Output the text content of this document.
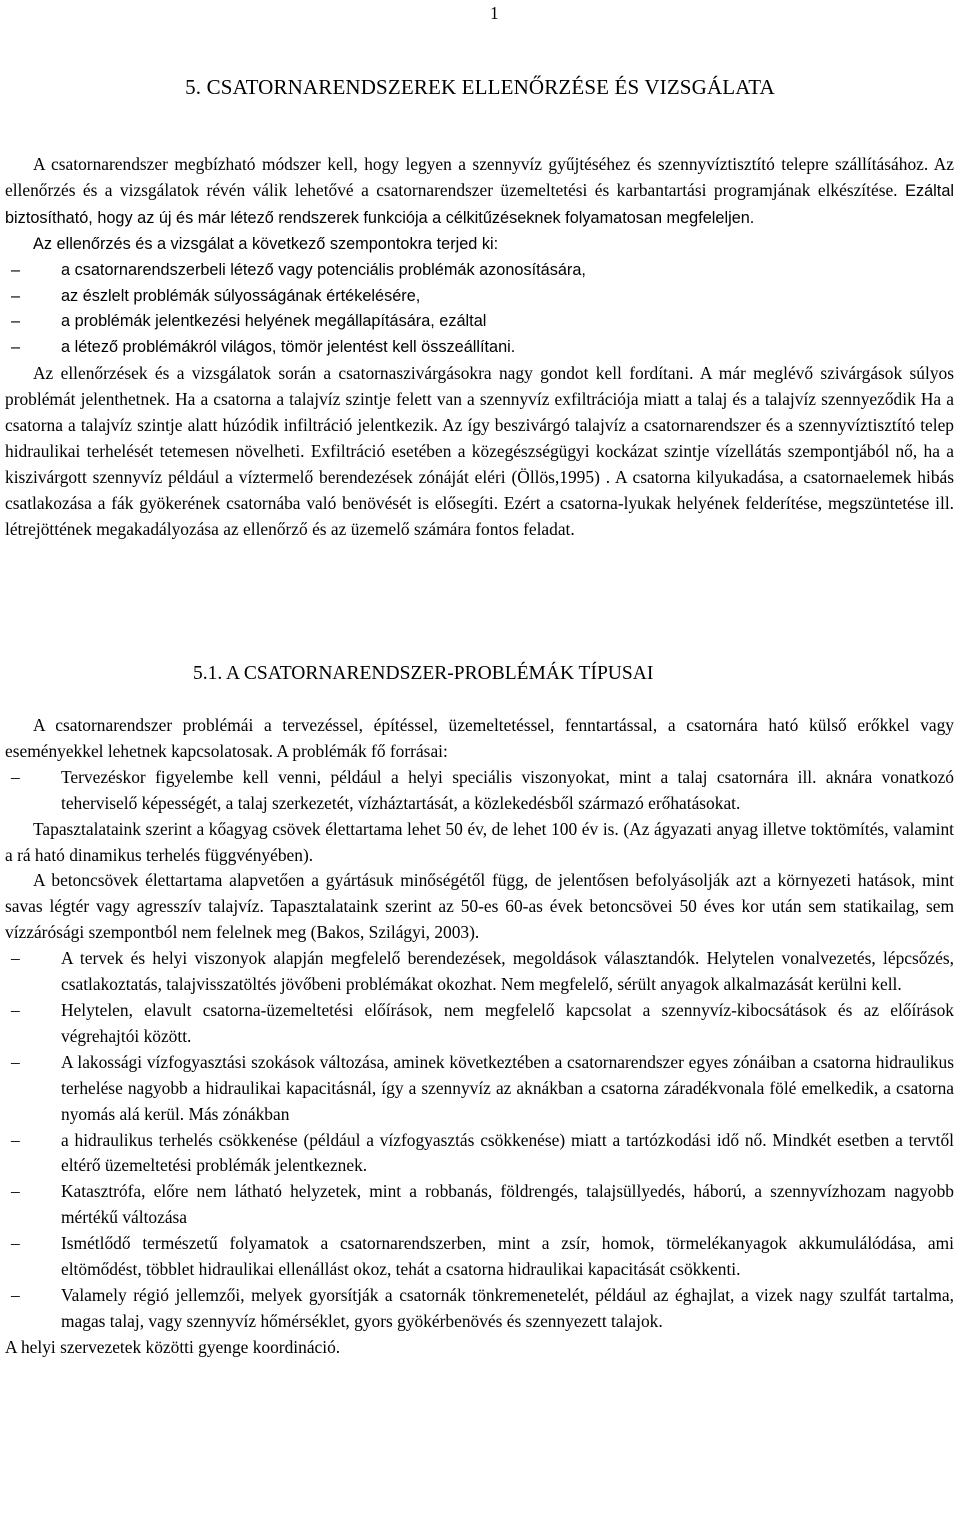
1
5. CSATORNARENDSZEREK ELLENŐRZÉSE ÉS VIZSGÁLATA

A csatornarendszer megbízható módszer kell, hogy legyen a szennyvíz gyűjtéséhez és szennyvíztisztító telepre szállításához. Az ellenőrzés és a vizsgálatok révén válik lehetővé a csatornarendszer üzemeltetési és karbantartási programjának elkészítése. Ezáltal biztosítható, hogy az új és már létező rendszerek funkciója a célkitűzéseknek folyamatosan megfeleljen.

Az ellenőrzés és a vizsgálat a következő szempontokra terjed ki:

–	a csatornarendszerbeli létező vagy potenciális problémák azonosítására,
–	az észlelt problémák súlyosságának értékelésére,
–	a problémák jelentkezési helyének megállapítására, ezáltal
–	a létező problémákról világos, tömör jelentést kell összeállítani.

Az ellenőrzések és a vizsgálatok során a csatornaszivárgásokra nagy gondot kell fordítani. A már meglévő szivárgások súlyos problémát jelenthetnek. Ha a csatorna a talajvíz szintje felett van a szennyvíz exfiltrációja miatt a talaj és a talajvíz szennyeződik Ha a csatorna a talajvíz szintje alatt húzódik infiltráció jelentkezik. Az így beszivárgó talajvíz a csatornarendszer és a szennyvíztisztító telep hidraulikai terhelését tetemesen növelheti. Exfiltráció esetében a közegészségügyi kockázat szintje vízellátás szempontjából nő, ha a kiszivárgott szennyvíz például a víztermelő berendezések zónáját eléri (Öllös,1995) . A csatorna kilyukadása, a csatornaelemek hibás csatlakozása a fák gyökerének csatornába való benövését is elősegíti. Ezért a csatorna-lyukak helyének felderítése, megszüntetése ill. létrejöttének megakadályozása az ellenőrző és az üzemelő számára fontos feladat.

5.1. A CSATORNARENDSZER-PROBLÉMÁK TÍPUSAI

A csatornarendszer problémái a tervezéssel, építéssel, üzemeltetéssel, fenntartással, a csatornára ható külső erőkkel vagy eseményekkel lehetnek kapcsolatosak. A problémák fő forrásai:

– Tervezéskor figyelembe kell venni, például a helyi speciális viszonyokat, mint a talaj csatornára ill. aknára vonatkozó teherviselő képességét, a talaj szerkezetét, vízháztartását, a közlekedésből származó erőhatásokat.

Tapasztalataink szerint a kőagyag csövek élettartama lehet 50 év, de lehet 100 év is. (Az ágyazati anyag illetve toktömítés, valamint a rá ható dinamikus terhelés függvényében).

A betoncsövek élettartama alapvetően a gyártásuk minőségétől függ, de jelentősen befolyásolják azt a környezeti hatások, mint savas légtér vagy agresszív talajvíz. Tapasztalataink szerint az 50-es 60-as évek betoncsövei 50 éves kor után sem statikailag, sem vízzárósági szempontból nem felelnek meg (Bakos, Szilágyi, 2003).

– A tervek és helyi viszonyok alapján megfelelő berendezések, megoldások választandók. Helytelen vonalvezetés, lépcsőzés, csatlakoztatás, talajvisszatöltés jövőbeni problémákat okozhat. Nem megfelelő, sérült anyagok alkalmazását kerülni kell.
– Helytelen, elavult csatorna-üzemeltetési előírások, nem megfelelő kapcsolat a szennyvíz-kibocsátások és az előírások végrehajtói között.
– A lakossági vízfogyasztási szokások változása, aminek következtében a csatornarendszer egyes zónáiban a csatorna hidraulikus terhelése nagyobb a hidraulikai kapacitásnál, így a szennyvíz az aknákban a csatorna záradékvonala fölé emelkedik, a csatorna nyomás alá kerül. Más zónákban
– a hidraulikus terhelés csökkenése (például a vízfogyasztás csökkenése) miatt a tartózkodási idő nő. Mindkét esetben a tervtől eltérő üzemeltetési problémák jelentkeznek.
– Katasztrófa, előre nem látható helyzetek, mint a robbanás, földrengés, talajsüllyedés, háború, a szennyvízhozam nagyobb mértékű változása
– Ismétlődő természetű folyamatok a csatornarendszerben, mint a zsír, homok, törmelékanyagok akkumulálódása, ami eltömődést, többlet hidraulikai ellenállást okoz, tehát a csatorna hidraulikai kapacitását csökkenti.
– Valamely régió jellemzői, melyek gyorsítják a csatornák tönkremenetelét, például az éghajlat, a vizek nagy szulfát tartalma, magas talaj, vagy szennyvíz hőmérséklet, gyors gyökérbenövés és szennyezett talajok.

A helyi szervezetek közötti gyenge koordináció.
